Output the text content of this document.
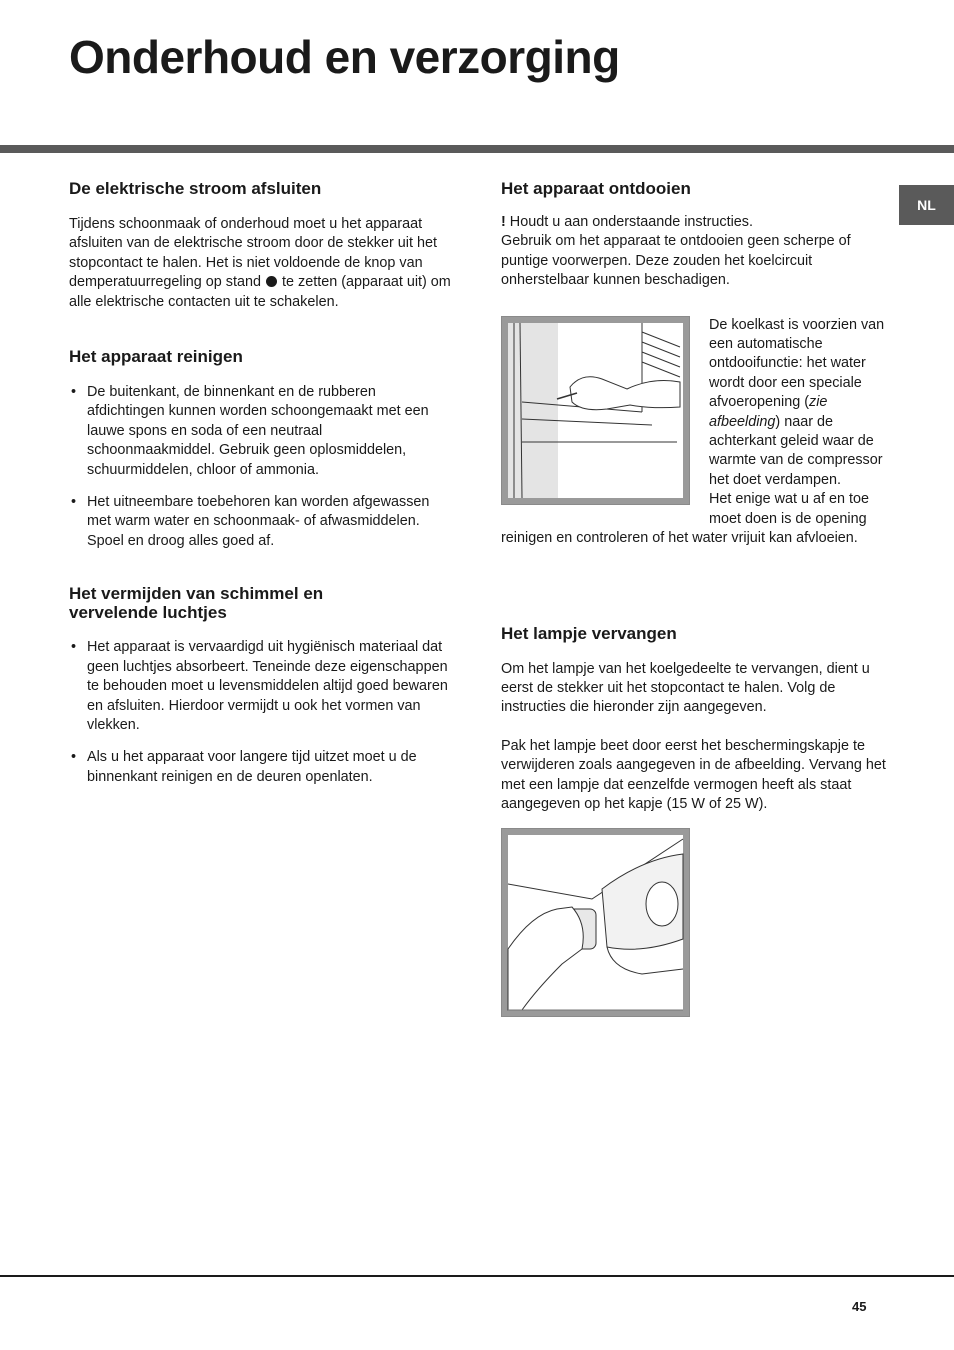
Onderhoud en verzorging
NL
De elektrische stroom afsluiten

Tijdens schoonmaak of onderhoud moet u het apparaat afsluiten van de elektrische stroom door de stekker uit het stopcontact te halen. Het is niet voldoende de knop van demperatuurregeling op stand te zetten (apparaat uit) om alle elektrische contacten uit te schakelen.

Het apparaat reinigen
• De buitenkant, de binnenkant en de rubberen afdichtingen kunnen worden schoongemaakt met een lauwe spons en soda of een neutraal schoonmaakmiddel. Gebruik geen oplosmiddelen, schuurmiddelen, chloor of ammonia.
• Het uitneembare toebehoren kan worden afgewassen met warm water en schoonmaak- of afwasmiddelen. Spoel en droog alles goed af.
Het vermijden van schimmel en vervelende luchtjes
• Het apparaat is vervaardigd uit hygiënisch materiaal dat geen luchtjes absorbeert. Teneinde deze eigenschappen te behouden moet u levensmiddelen altijd goed bewaren en afsluiten. Hierdoor vermijdt u ook het vormen van vlekken.
• Als u het apparaat voor langere tijd uitzet moet u de binnenkant reinigen en de deuren openlaten.
Het apparaat ontdooien

! Houdt u aan onderstaande instructies.

Gebruik om het apparaat te ontdooien geen scherpe of puntige voorwerpen. Deze zouden het koelcircuit onherstelbaar kunnen beschadigen.

De koelkast is voorzien van een automatische ontdooifunctie: het water wordt door een speciale afvoeropening (zie afbeelding) naar de achterkant geleid waar de warmte van de compressor het doet verdampen.
Het enige wat u af en toe moet doen is de opening reinigen en controleren of het water vrijuit kan afvloeien.

Het lampje vervangen

Om het lampje van het koelgedeelte te vervangen, dient u eerst de stekker uit het stopcontact te halen. Volg de instructies die hieronder zijn aangegeven.

Pak het lampje beet door eerst het beschermingskapje te verwijderen zoals aangegeven in de afbeelding. Vervang het met een lampje dat eenzelfde vermogen heeft als staat aangegeven op het kapje (15 W of 25 W).

45
